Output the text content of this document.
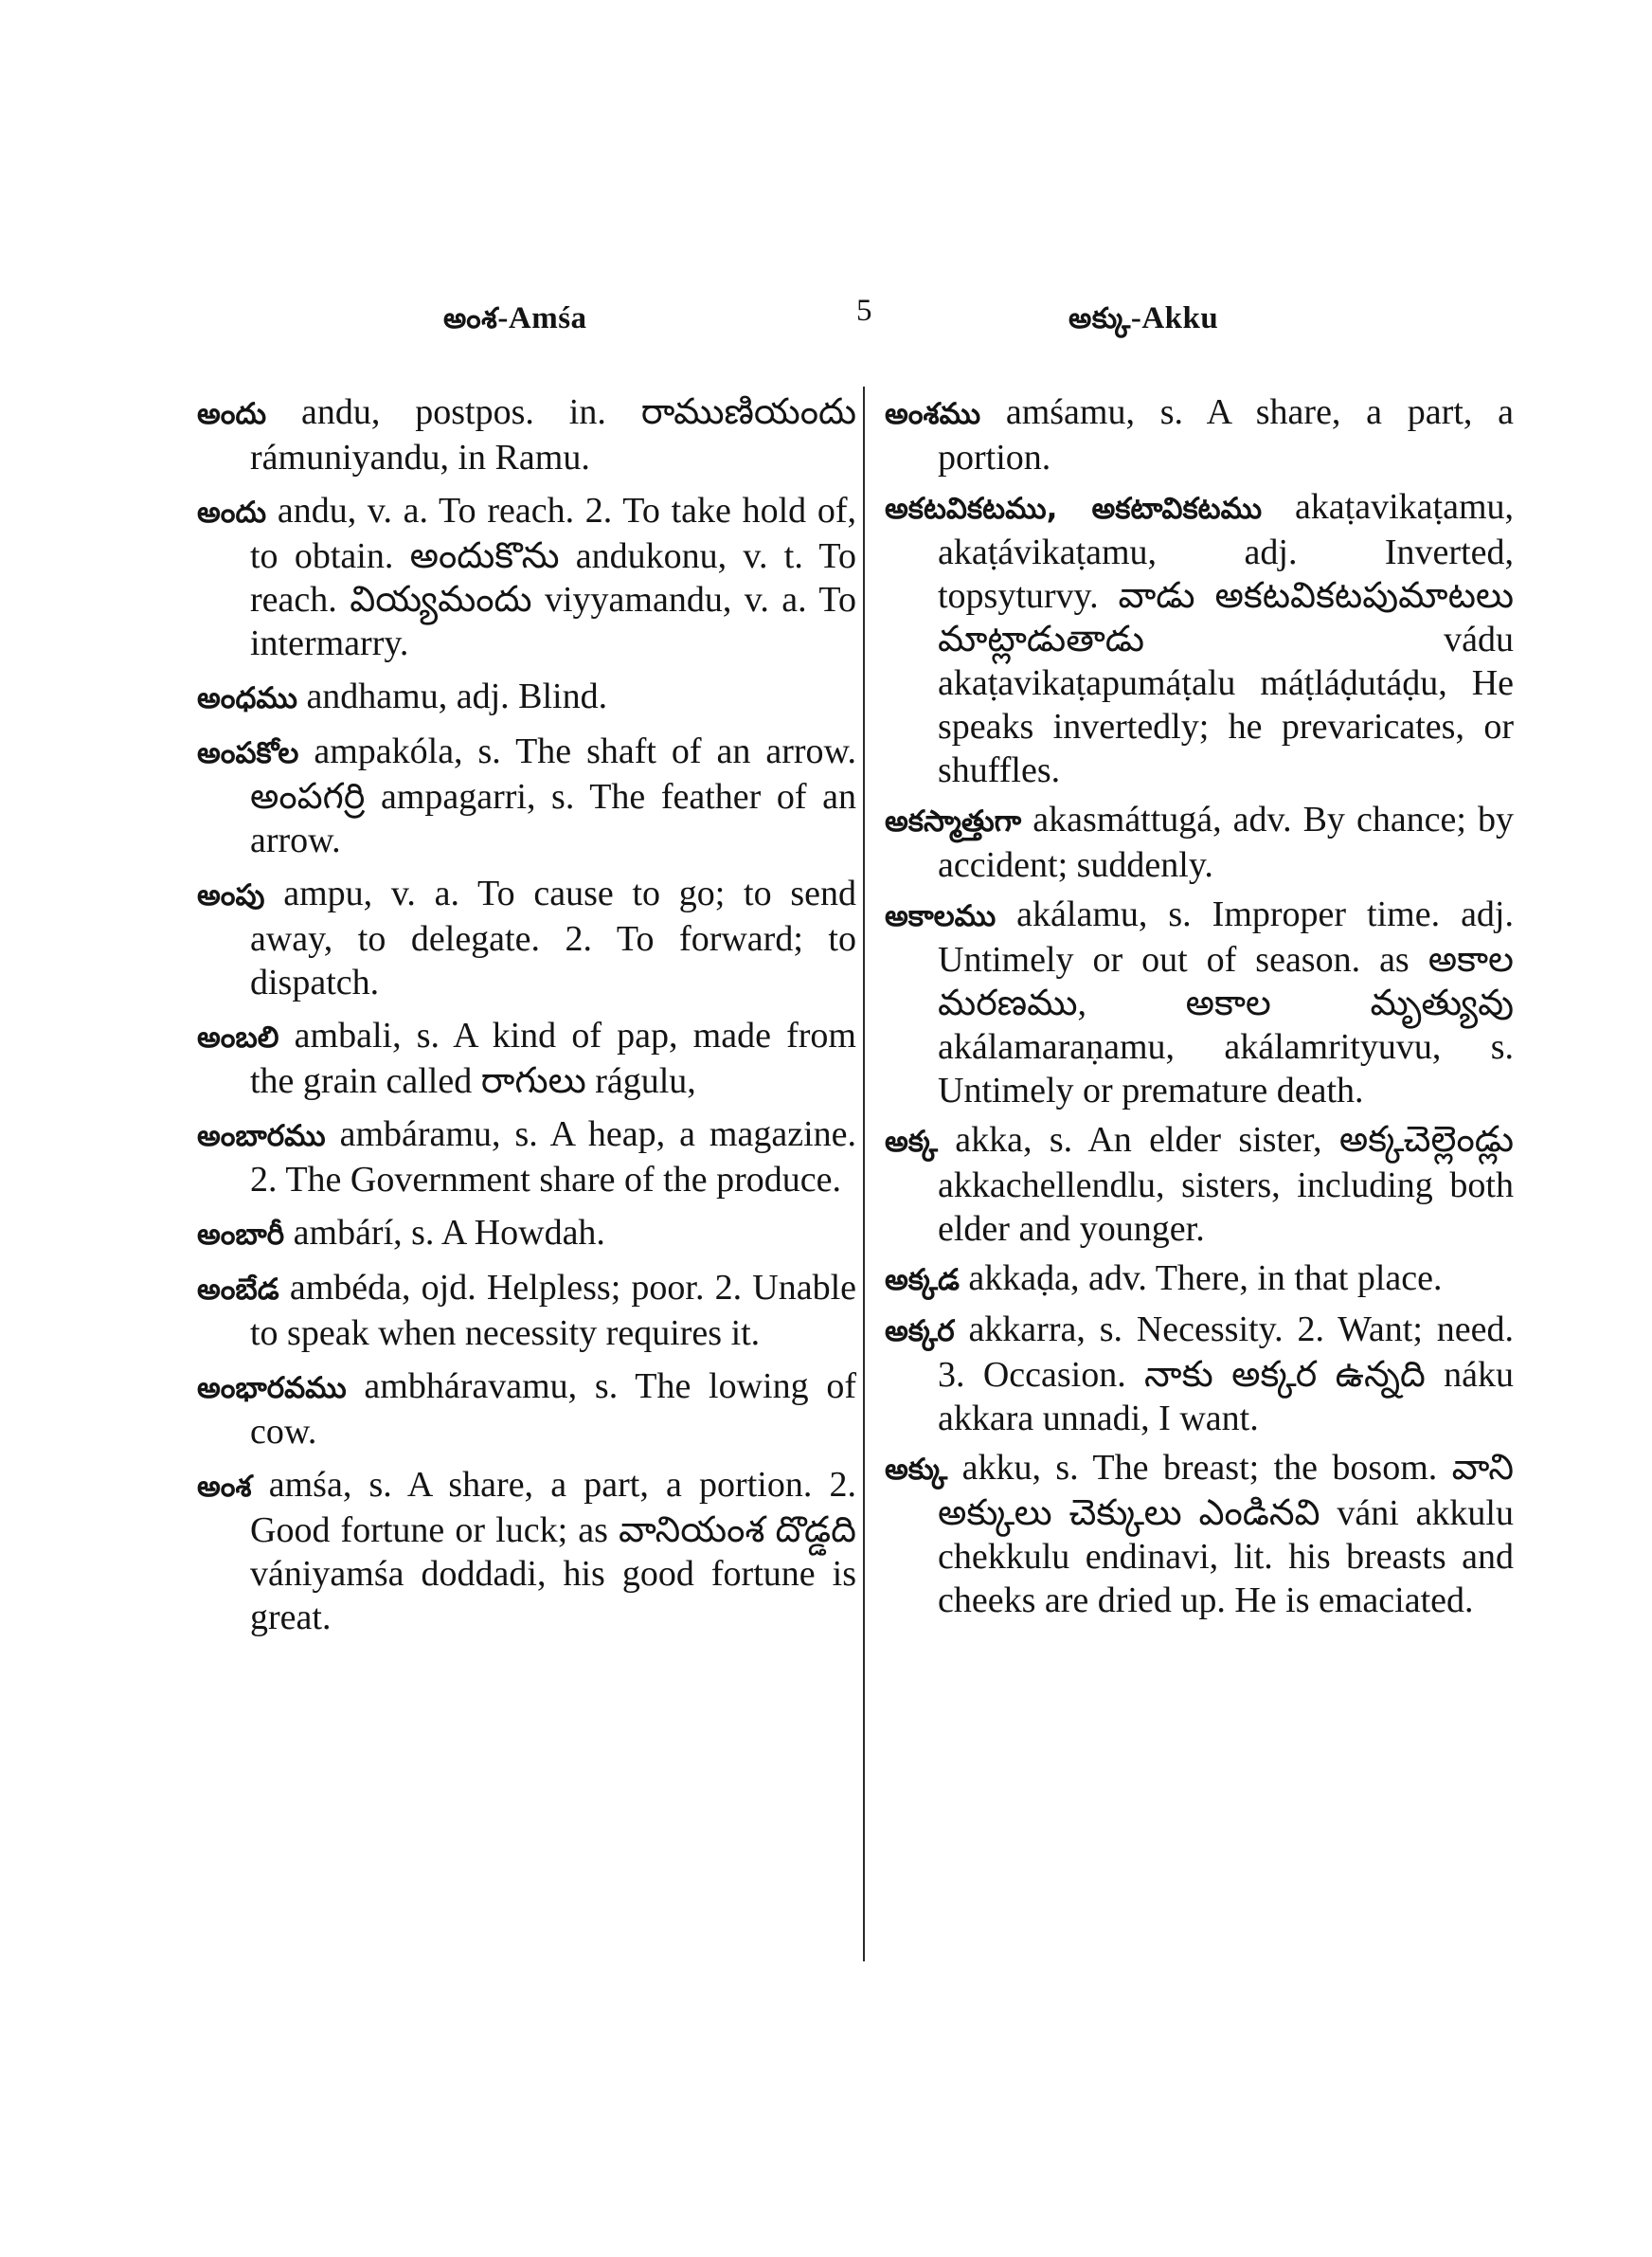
అంశ-Amśa	5	అక్కు-Akku

అందు andu, postpos. in. రాముణియందు rámuniyandu, in Ramu.

అందు andu, v. a. To reach. 2. To take hold of, to obtain. అందుకొను andukonu, v. t. To reach. వియ్యమందు viyyamandu, v. a. To intermarry.

అంధము andhamu, adj. Blind.

అంపకోల ampakóla, s. The shaft of an arrow. అంపగర్రి ampagarri, s. The feather of an arrow.

అంపు ampu, v. a. To cause to go; to send away, to delegate. 2. To forward; to dispatch.

అంబలి ambali, s. A kind of pap, made from the grain called రాగులు rágulu,

అంబారము ambáramu, s. A heap, a magazine. 2. The Government share of the produce.

అంబారీ ambárí, s. A Howdah.

అంబేడ ambéda, ojd. Helpless; poor. 2. Unable to speak when necessity requires it.

అంభారవము ambháravamu, s. The lowing of cow.

అంశ amśa, s. A share, a part, a portion. 2. Good fortune or luck; as వానియంశ దొడ్డది vániyamśa doddadi, his good fortune is great.

అంశము amśamu, s. A share, a part, a portion.

అకటవికటము, అకటావికటము akaṭavikaṭamu, akaṭávikaṭamu, adj. Inverted, topsyturvy. వాడు అకటవికటపుమాటలు మాట్లాడుతాడు vádu akaṭavikaṭapumáṭalu máṭláḍutáḍu, He speaks invertedly; he prevaricates, or shuffles.

అకస్మాత్తుగా akasmáttugá, adv. By chance; by accident; suddenly.

అకాలము akálamu, s. Improper time. adj. Untimely or out of season. as అకాల మరణము, అకాల మృత్యువు akálamaraṇamu, akálamrityuvu, s. Untimely or premature death.

అక్క akka, s. An elder sister, అక్కచెల్లెండ్లు akkachellendlu, sisters, including both elder and younger.

అక్కడ akkaḍa, adv. There, in that place.

అక్కర akkarra, s. Necessity. 2. Want; need. 3. Occasion. నాకు అక్కర ఉన్నది náku akkara unnadi, I want.

అక్కు akku, s. The breast; the bosom. వాని అక్కులు చెక్కులు ఎండినవి váni akkulu chekkulu endinavi, lit. his breasts and cheeks are dried up. He is emaciated.
